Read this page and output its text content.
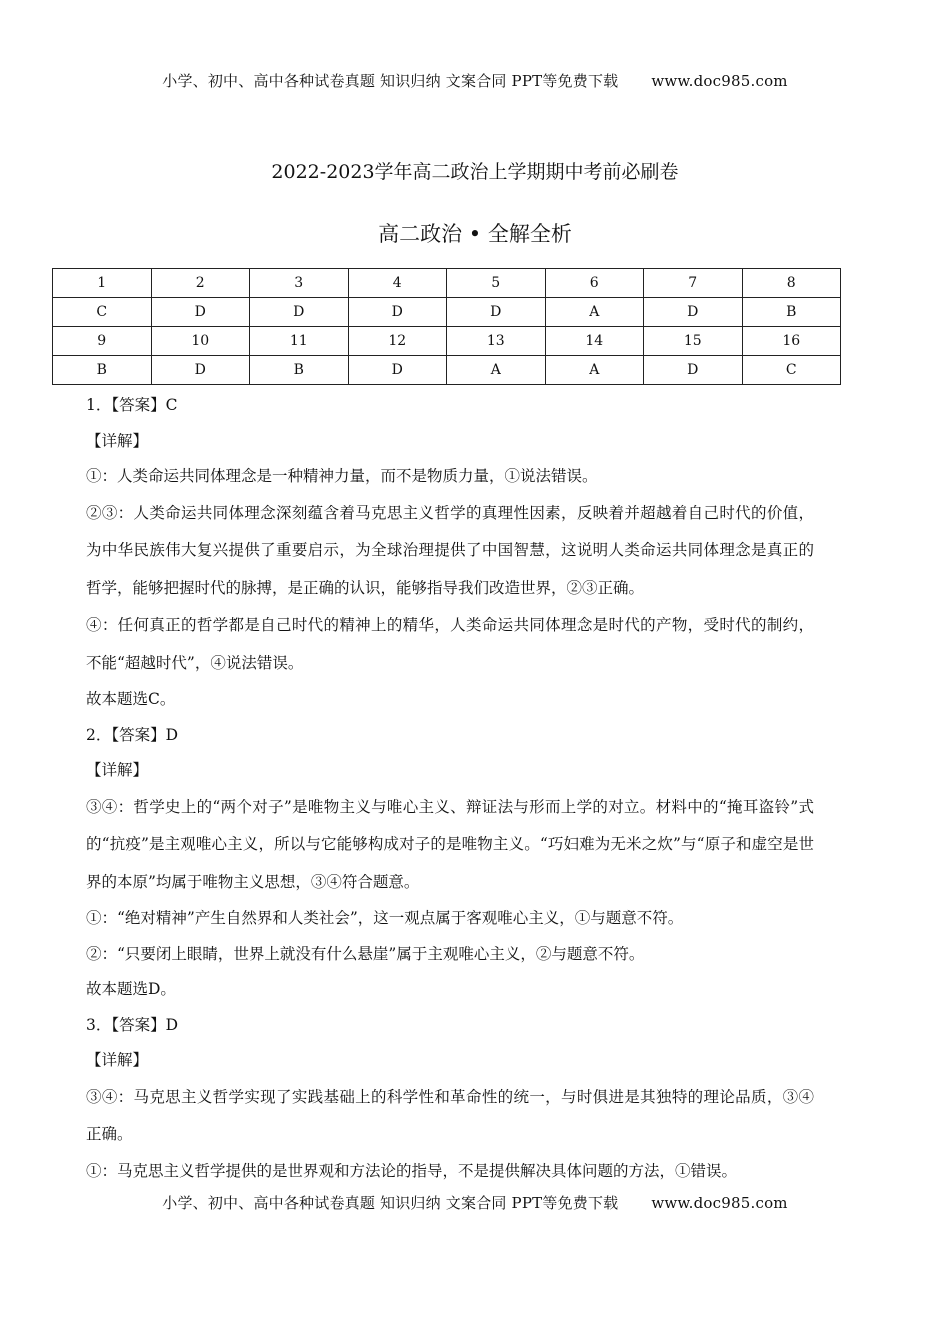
小学、初中、高中各种试卷真题 知识归纳 文案合同 PPT等免费下载 www.doc985.com
2022-2023学年高二政治上学期期中考前必刷卷
高二政治 • 全解全析
1	2	3	4	5	6	7	8
C	D	D	D	D	A	D	B
9	10	11	12	13	14	15	16
B	D	B	D	A	A	D	C

1．【答案】C

【详解】

①：人类命运共同体理念是一种精神力量，而不是物质力量，①说法错误。

②③：人类命运共同体理念深刻蕴含着马克思主义哲学的真理性因素，反映着并超越着自己时代的价值，为中华民族伟大复兴提供了重要启示，为全球治理提供了中国智慧，这说明人类命运共同体理念是真正的哲学，能够把握时代的脉搏，是正确的认识，能够指导我们改造世界，②③正确。

④：任何真正的哲学都是自己时代的精神上的精华，人类命运共同体理念是时代的产物，受时代的制约，不能“超越时代”，④说法错误。

故本题选C。

2．【答案】D

【详解】

③④：哲学史上的“两个对子”是唯物主义与唯心主义、辩证法与形而上学的对立。材料中的“掩耳盗铃”式的“抗疫”是主观唯心主义，所以与它能够构成对子的是唯物主义。“巧妇难为无米之炊”与“原子和虚空是世界的本原”均属于唯物主义思想，③④符合题意。

①：“绝对精神”产生自然界和人类社会”，这一观点属于客观唯心主义，①与题意不符。

②：“只要闭上眼睛，世界上就没有什么悬崖”属于主观唯心主义，②与题意不符。

故本题选D。

3．【答案】D

【详解】

③④：马克思主义哲学实现了实践基础上的科学性和革命性的统一，与时俱进是其独特的理论品质，③④正确。

①：马克思主义哲学提供的是世界观和方法论的指导，不是提供解决具体问题的方法，①错误。

小学、初中、高中各种试卷真题 知识归纳 文案合同 PPT等免费下载 www.doc985.com
